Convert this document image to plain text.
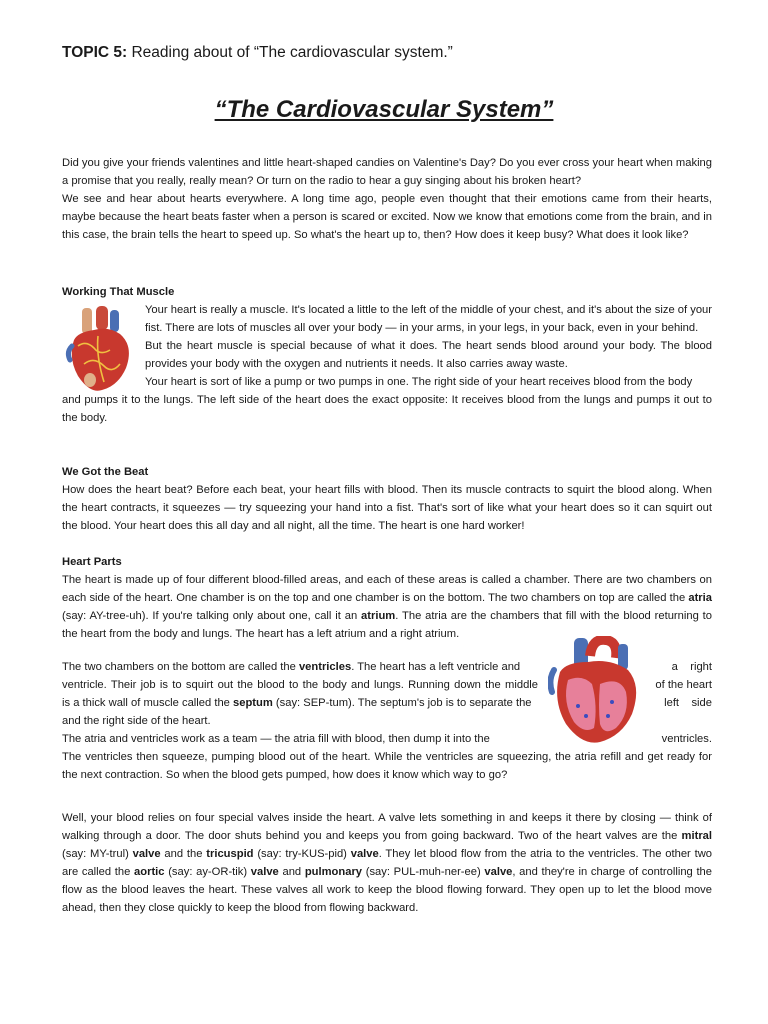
TOPIC 5: Reading about of “The cardiovascular system.”
“The Cardiovascular System”

Did you give your friends valentines and little heart-shaped candies on Valentine's Day? Do you ever cross your heart when making a promise that you really, really mean? Or turn on the radio to hear a guy singing about his broken heart?

We see and hear about hearts everywhere. A long time ago, people even thought that their emotions came from their hearts, maybe because the heart beats faster when a person is scared or excited. Now we know that emotions come from the brain, and in this case, the brain tells the heart to speed up. So what's the heart up to, then? How does it keep busy? What does it look like?

Working That Muscle

Your heart is really a muscle. It's located a little to the left of the middle of your chest, and it's about the size of your fist. There are lots of muscles all over your body — in your arms, in your legs, in your back, even in your behind.

But the heart muscle is special because of what it does. The heart sends blood around your body. The blood provides your body with the oxygen and nutrients it needs. It also carries away waste.

Your heart is sort of like a pump or two pumps in one. The right side of your heart receives blood from the body

and pumps it to the lungs. The left side of the heart does the exact opposite: It receives blood from the lungs and pumps it out to the body.

We Got the Beat

How does the heart beat? Before each beat, your heart fills with blood. Then its muscle contracts to squirt the blood along. When the heart contracts, it squeezes — try squeezing your hand into a fist. That's sort of like what your heart does so it can squirt out the blood. Your heart does this all day and all night, all the time. The heart is one hard worker!

Heart Parts

The heart is made up of four different blood-filled areas, and each of these areas is called a chamber. There are two chambers on each side of the heart. One chamber is on the top and one chamber is on the bottom. The two chambers on top are called the atria (say: AY-tree-uh). If you're talking only about one, call it an atrium. The atria are the chambers that fill with the blood returning to the heart from the body and lungs. The heart has a left atrium and a right atrium.

The two chambers on the bottom are called the ventricles. The heart has a left ventricle and	a    right
ventricle. Their job is to squirt out the blood to the body and lungs. Running down the middle	of the heart
is a thick wall of muscle called the septum (say: SEP-tum). The septum's job is to separate the	left    side
and the right side of the heart.
The atria and ventricles work as a team — the atria fill with blood, then dump it into the	ventricles.
The ventricles then squeeze, pumping blood out of the heart. While the ventricles are squeezing, the atria refill and get ready for the next contraction. So when the blood gets pumped, how does it know which way to go?

Well, your blood relies on four special valves inside the heart. A valve lets something in and keeps it there by closing — think of walking through a door. The door shuts behind you and keeps you from going backward. Two of the heart valves are the mitral (say: MY-trul) valve and the tricuspid (say: try-KUS-pid) valve. They let blood flow from the atria to the ventricles. The other two are called the aortic (say: ay-OR-tik) valve and pulmonary (say: PUL-muh-ner-ee) valve, and they're in charge of controlling the flow as the blood leaves the heart. These valves all work to keep the blood flowing forward. They open up to let the blood move ahead, then they close quickly to keep the blood from flowing backward.
